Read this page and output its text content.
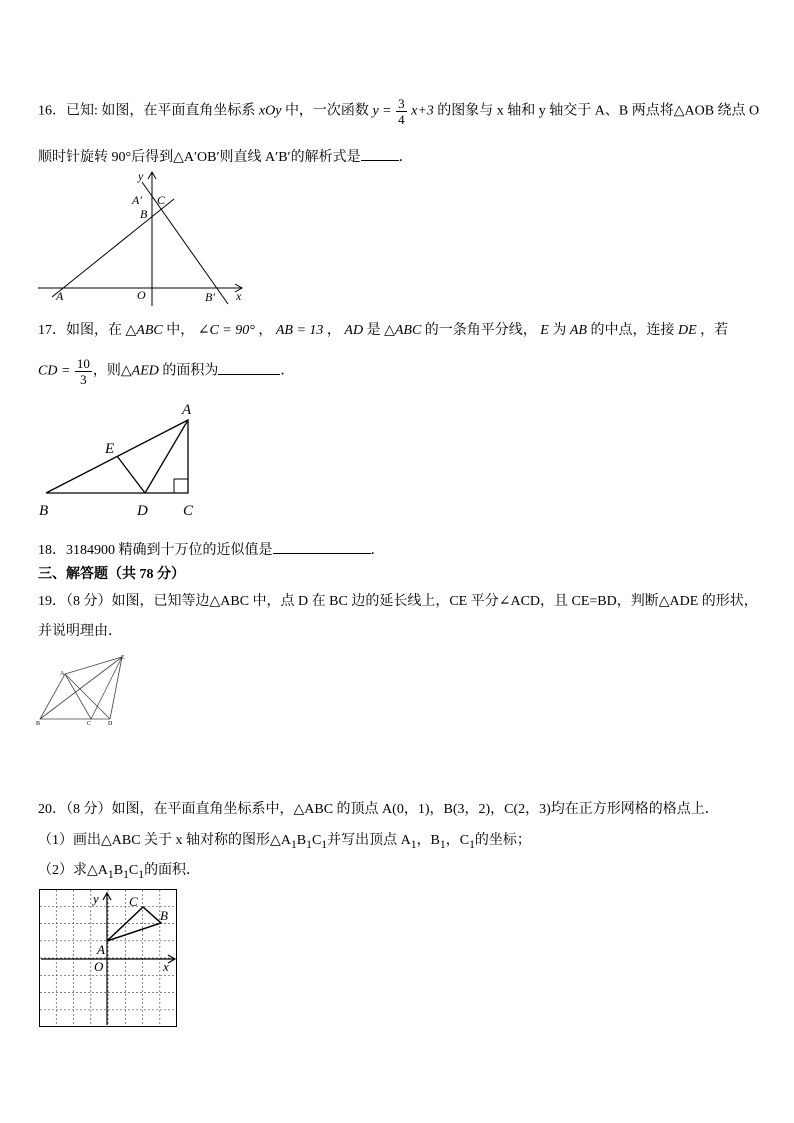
16．已知: 如图，在平面直角坐标系 xOy 中，一次函数 $y = \frac{3}{4} x+3$ 的图象与 x 轴和 y 轴交于 A、B 两点将△AOB 绕点 O
顺时针旋转 90°后得到△A′OB′则直线 A′B′的解析式是	．
y
x
A′ C
B
A	O	B′
17．如图，在 △ABC 中， ∠C = 90° ， AB = 13 ， AD 是 △ABC 的一条角平分线， E 为 AB 的中点，连接 DE ，若
CD = $\frac{10}{3}$ ，则△AED 的面积为	．
A
E
B	D C
18．3184900 精确到十万位的近似值是	．
三、解答题（共 78 分）
19．（8 分）如图，已知等边△ABC 中，点 D 在 BC 边的延长线上，CE 平分∠ACD，且 CE=BD，判断△ADE 的形状，
并说明理由．
A
E
B	C	D
20．（8 分）如图，在平面直角坐标系中，△ABC 的顶点 A(0，1)，B(3，2)，C(2，3)均在正方形网格的格点上．
（1）画出△ABC 关于 x 轴对称的图形$\triangle A_1B_1C_1$并写出顶点 $A_1$，$B_1$，$C_1$的坐标；
（2）求$\triangle A_1B_1C_1$的面积．
y
x
C
B
A
O
